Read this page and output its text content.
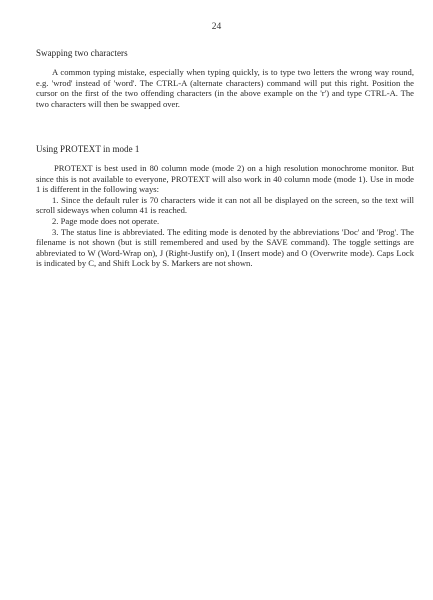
24
Swapping two characters

A common typing mistake, especially when typing quickly, is to type two letters the wrong way round, e.g. 'wrod' instead of 'word'. The CTRL-A (alternate characters) command will put this right. Position the cursor on the first of the two offending characters (in the above example on the 'r') and type CTRL-A. The two characters will then be swapped over.

Using PROTEXT in mode 1

PROTEXT is best used in 80 column mode (mode 2) on a high resolution monochrome monitor. But since this is not available to everyone, PROTEXT will also work in 40 column mode (mode 1). Use in mode 1 is different in the following ways:

1. Since the default ruler is 70 characters wide it can not all be displayed on the screen, so the text will scroll sideways when column 41 is reached.

2. Page mode does not operate.

3. The status line is abbreviated. The editing mode is denoted by the abbreviations 'Doc' and 'Prog'. The filename is not shown (but is still remembered and used by the SAVE command). The toggle settings are abbreviated to W (Word-Wrap on), J (Right-Justify on), I (Insert mode) and O (Overwrite mode). Caps Lock is indicated by C, and Shift Lock by S. Markers are not shown.
